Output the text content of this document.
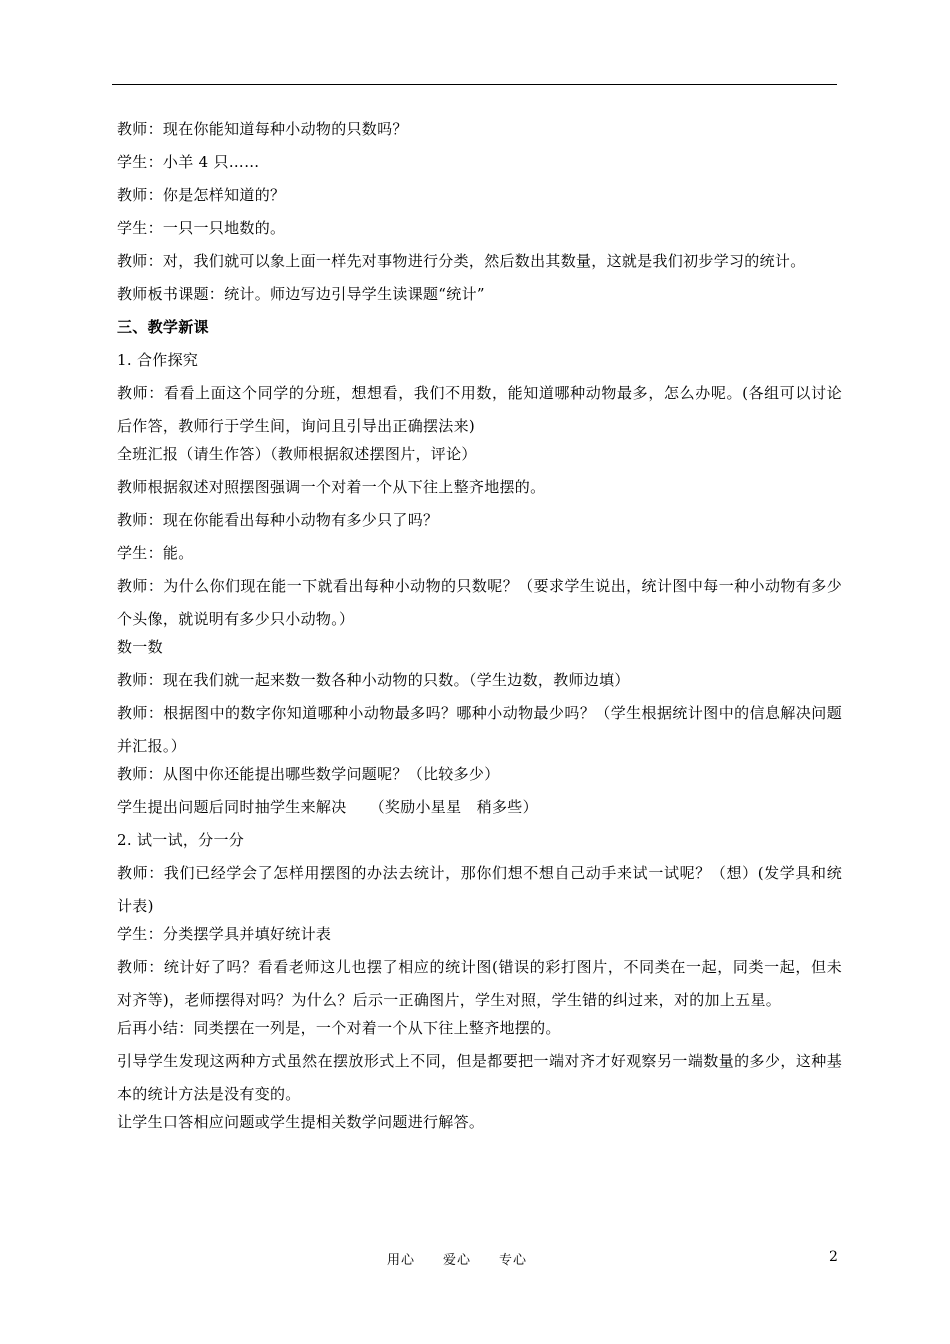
教师：现在你能知道每种小动物的只数吗？

学生：小羊 4 只……

教师：你是怎样知道的？

学生：一只一只地数的。

教师：对，我们就可以象上面一样先对事物进行分类，然后数出其数量，这就是我们初步学习的统计。

教师板书课题：统计。师边写边引导学生读课题“统计”

三、教学新课

1. 合作探究

教师：看看上面这个同学的分班，想想看，我们不用数，能知道哪种动物最多，怎么办呢。(各组可以讨论后作答，教师行于学生间，询问且引导出正确摆法来)

全班汇报（请生作答）（教师根据叙述摆图片，评论）

教师根据叙述对照摆图强调一个对着一个从下往上整齐地摆的。

教师：现在你能看出每种小动物有多少只了吗？

学生：能。

教师：为什么你们现在能一下就看出每种小动物的只数呢？（要求学生说出，统计图中每一种小动物有多少个头像，就说明有多少只小动物。）

数一数

教师：现在我们就一起来数一数各种小动物的只数。（学生边数，教师边填）

教师：根据图中的数字你知道哪种小动物最多吗？哪种小动物最少吗？（学生根据统计图中的信息解决问题并汇报。）

教师：从图中你还能提出哪些数学问题呢？（比较多少）

学生提出问题后同时抽学生来解决　　（奖励小星星　稍多些）

2. 试一试，分一分

教师：我们已经学会了怎样用摆图的办法去统计，那你们想不想自己动手来试一试呢？（想）(发学具和统计表)

学生：分类摆学具并填好统计表

教师：统计好了吗？看看老师这儿也摆了相应的统计图(错误的彩打图片，不同类在一起，同类一起，但未对齐等)，老师摆得对吗？为什么？后示一正确图片，学生对照，学生错的纠过来，对的加上五星。

后再小结：同类摆在一列是，一个对着一个从下往上整齐地摆的。

引导学生发现这两种方式虽然在摆放形式上不同，但是都要把一端对齐才好观察另一端数量的多少，这种基本的统计方法是没有变的。

让学生口答相应问题或学生提相关数学问题进行解答。

用心　　爱心　　专心	2
